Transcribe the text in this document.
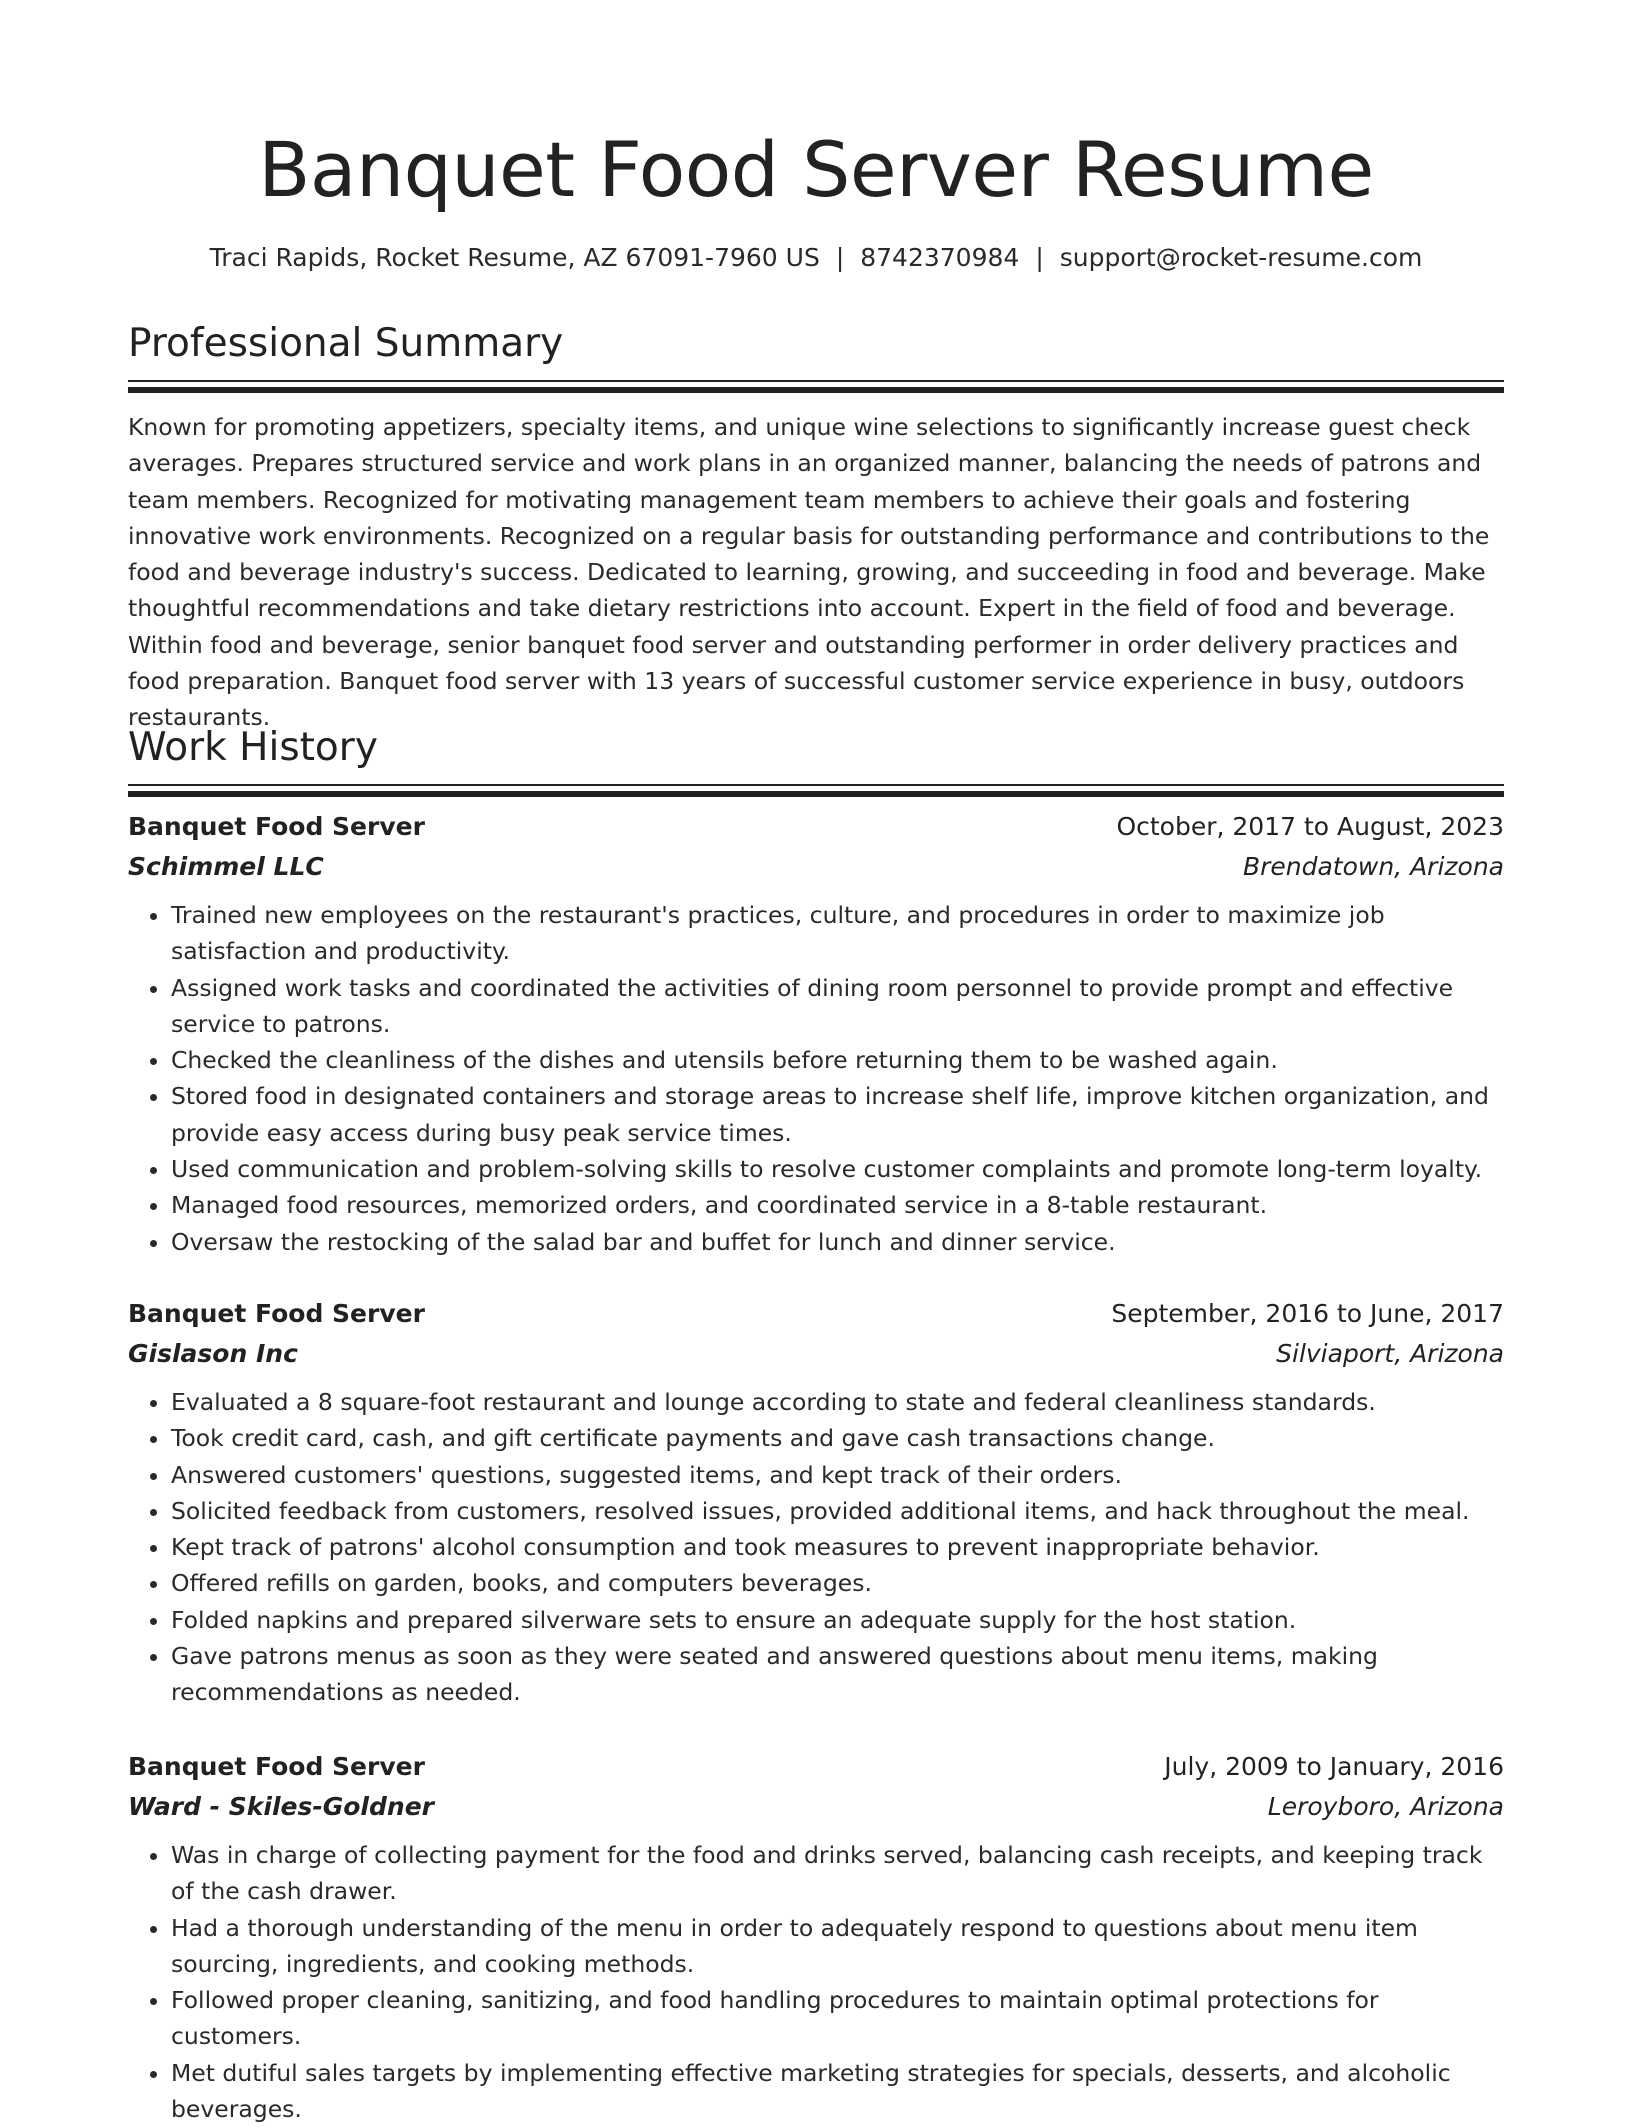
Banquet Food Server Resume
Traci Rapids, Rocket Resume, AZ 67091-7960 US | 8742370984 | support@rocket-resume.com
Professional Summary

Known for promoting appetizers, specialty items, and unique wine selections to significantly increase guest check averages. Prepares structured service and work plans in an organized manner, balancing the needs of patrons and team members. Recognized for motivating management team members to achieve their goals and fostering innovative work environments. Recognized on a regular basis for outstanding performance and contributions to the food and beverage industry's success. Dedicated to learning, growing, and succeeding in food and beverage. Make thoughtful recommendations and take dietary restrictions into account. Expert in the field of food and beverage. Within food and beverage, senior banquet food server and outstanding performer in order delivery practices and food preparation. Banquet food server with 13 years of successful customer service experience in busy, outdoors restaurants.

Work History
Banquet Food Server	October, 2017 to August, 2023
Schimmel LLC	Brendatown, Arizona
• Trained new employees on the restaurant's practices, culture, and procedures in order to maximize job satisfaction and productivity.
• Assigned work tasks and coordinated the activities of dining room personnel to provide prompt and effective service to patrons.
• Checked the cleanliness of the dishes and utensils before returning them to be washed again.
• Stored food in designated containers and storage areas to increase shelf life, improve kitchen organization, and provide easy access during busy peak service times.
• Used communication and problem-solving skills to resolve customer complaints and promote long-term loyalty.
• Managed food resources, memorized orders, and coordinated service in a 8-table restaurant.
• Oversaw the restocking of the salad bar and buffet for lunch and dinner service.
Banquet Food Server	September, 2016 to June, 2017
Gislason Inc	Silviaport, Arizona
• Evaluated a 8 square-foot restaurant and lounge according to state and federal cleanliness standards.
• Took credit card, cash, and gift certificate payments and gave cash transactions change.
• Answered customers' questions, suggested items, and kept track of their orders.
• Solicited feedback from customers, resolved issues, provided additional items, and hack throughout the meal.
• Kept track of patrons' alcohol consumption and took measures to prevent inappropriate behavior.
• Offered refills on garden, books, and computers beverages.
• Folded napkins and prepared silverware sets to ensure an adequate supply for the host station.
• Gave patrons menus as soon as they were seated and answered questions about menu items, making recommendations as needed.
Banquet Food Server	July, 2009 to January, 2016
Ward - Skiles-Goldner	Leroyboro, Arizona
• Was in charge of collecting payment for the food and drinks served, balancing cash receipts, and keeping track of the cash drawer.
• Had a thorough understanding of the menu in order to adequately respond to questions about menu item sourcing, ingredients, and cooking methods.
• Followed proper cleaning, sanitizing, and food handling procedures to maintain optimal protections for customers.
• Met dutiful sales targets by implementing effective marketing strategies for specials, desserts, and alcoholic beverages.
